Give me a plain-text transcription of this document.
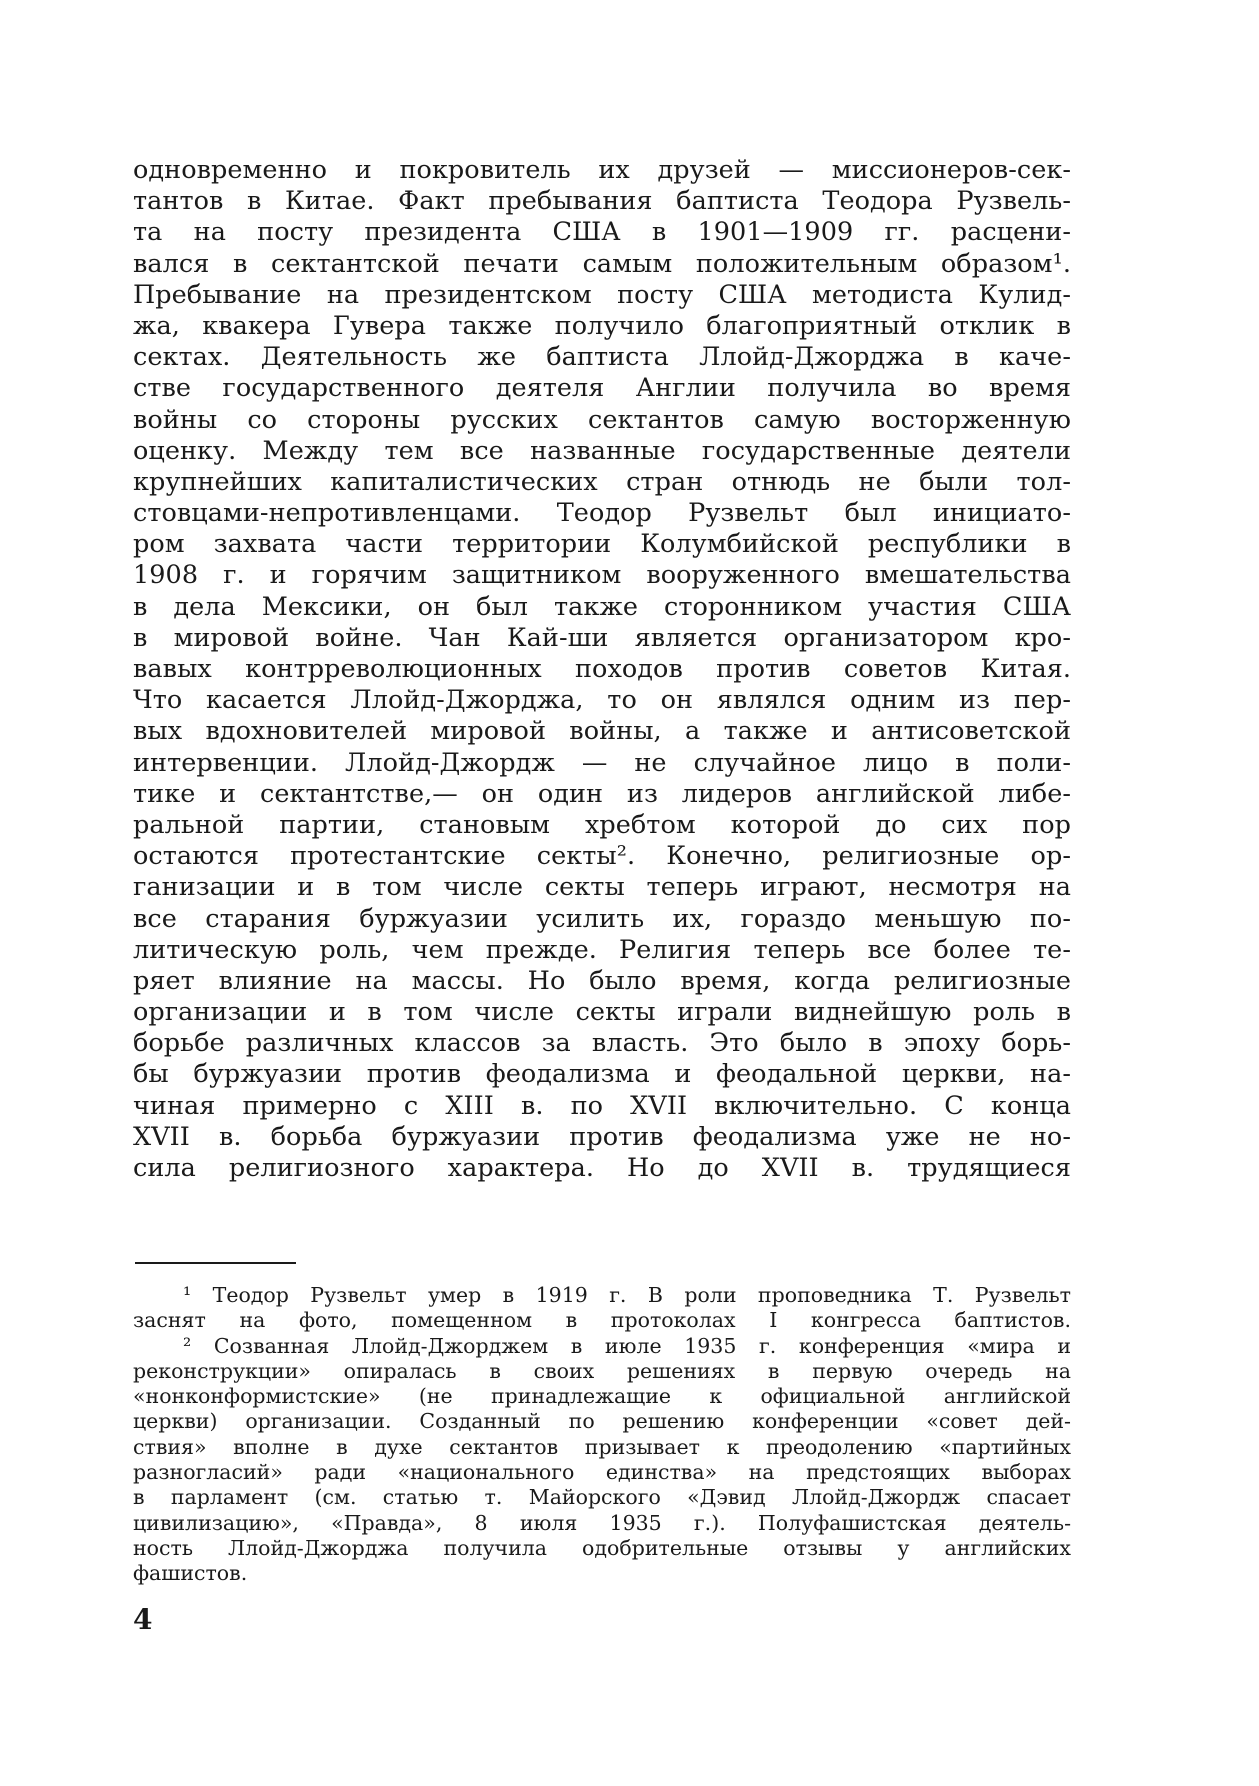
одновременно и покровитель их друзей — миссионеров-сек-
тантов в Китае. Факт пребывания баптиста Теодора Рузвель-
та на посту президента США в 1901—1909 гг. расцени-
вался в сектантской печати самым положительным образом¹.
Пребывание на президентском посту США методиста Кулид-
жа, квакера Гувера также получило благоприятный отклик в
сектах. Деятельность же баптиста Ллойд-Джорджа в каче-
стве государственного деятеля Англии получила во время
войны со стороны русских сектантов самую восторженную
оценку. Между тем все названные государственные деятели
крупнейших капиталистических стран отнюдь не были тол-
стовцами-непротивленцами. Теодор Рузвельт был инициато-
ром захвата части территории Колумбийской республики в
1908 г. и горячим защитником вооруженного вмешательства
в дела Мексики, он был также сторонником участия США
в мировой войне. Чан Кай-ши является организатором кро-
вавых контрреволюционных походов против советов Китая.
Что касается Ллойд-Джорджа, то он являлся одним из пер-
вых вдохновителей мировой войны, а также и антисоветской
интервенции. Ллойд-Джордж — не случайное лицо в поли-
тике и сектантстве,— он один из лидеров английской либе-
ральной партии, становым хребтом которой до сих пор
остаются протестантские секты². Конечно, религиозные ор-
ганизации и в том числе секты теперь играют, несмотря на
все старания буржуазии усилить их, гораздо меньшую по-
литическую роль, чем прежде. Религия теперь все более те-
ряет влияние на массы. Но было время, когда религиозные
организации и в том числе секты играли виднейшую роль в
борьбе различных классов за власть. Это было в эпоху борь-
бы буржуазии против феодализма и феодальной церкви, на-
чиная примерно с XIII в. по XVII включительно. С конца
XVII в. борьба буржуазии против феодализма уже не но-
сила религиозного характера. Но до XVII в. трудящиеся
¹ Теодор Рузвельт умер в 1919 г. В роли проповедника Т. Рузвельт
заснят на фото, помещенном в протоколах I конгресса баптистов.
² Созванная Ллойд-Джорджем в июле 1935 г. конференция «мира и
реконструкции» опиралась в своих решениях в первую очередь на
«нонконформистские» (не принадлежащие к официальной английской
церкви) организации. Созданный по решению конференции «совет дей-
ствия» вполне в духе сектантов призывает к преодолению «партийных
разногласий» ради «национального единства» на предстоящих выборах
в парламент (см. статью т. Майорского «Дэвид Ллойд-Джордж спасает
цивилизацию», «Правда», 8 июля 1935 г.). Полуфашистская деятель-
ность Ллойд-Джорджа получила одобрительные отзывы у английских
фашистов.
4
